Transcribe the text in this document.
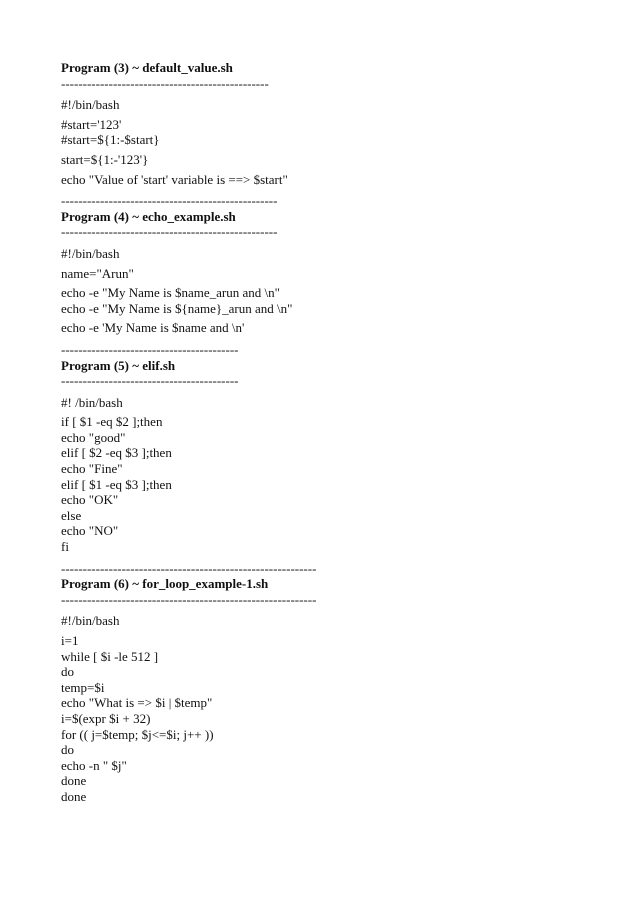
Program (3) ~ default_value.sh
------------------------------------------------
#!/bin/bash
#start='123'
#start=${1:-$start}
start=${1:-'123'}
echo "Value of 'start' variable is ==> $start"
--------------------------------------------------
Program (4) ~ echo_example.sh
--------------------------------------------------
#!/bin/bash
name="Arun"
echo -e "My Name is $name_arun and \n"
echo -e "My Name is ${name}_arun and \n"
echo -e 'My Name is $name and \n'
-----------------------------------------
Program (5) ~ elif.sh
-----------------------------------------
#! /bin/bash
if [ $1 -eq $2 ];then
echo "good"
elif [ $2 -eq $3 ];then
echo "Fine"
elif [ $1 -eq $3 ];then
echo "OK"
else
echo "NO"
fi
-----------------------------------------------------------
Program (6) ~ for_loop_example-1.sh
-----------------------------------------------------------
#!/bin/bash
i=1
while [ $i -le 512 ]
do
temp=$i
echo "What is => $i | $temp"
i=$(expr $i + 32)
for (( j=$temp; $j<=$i; j++ ))
do
echo -n " $j"
done
done
